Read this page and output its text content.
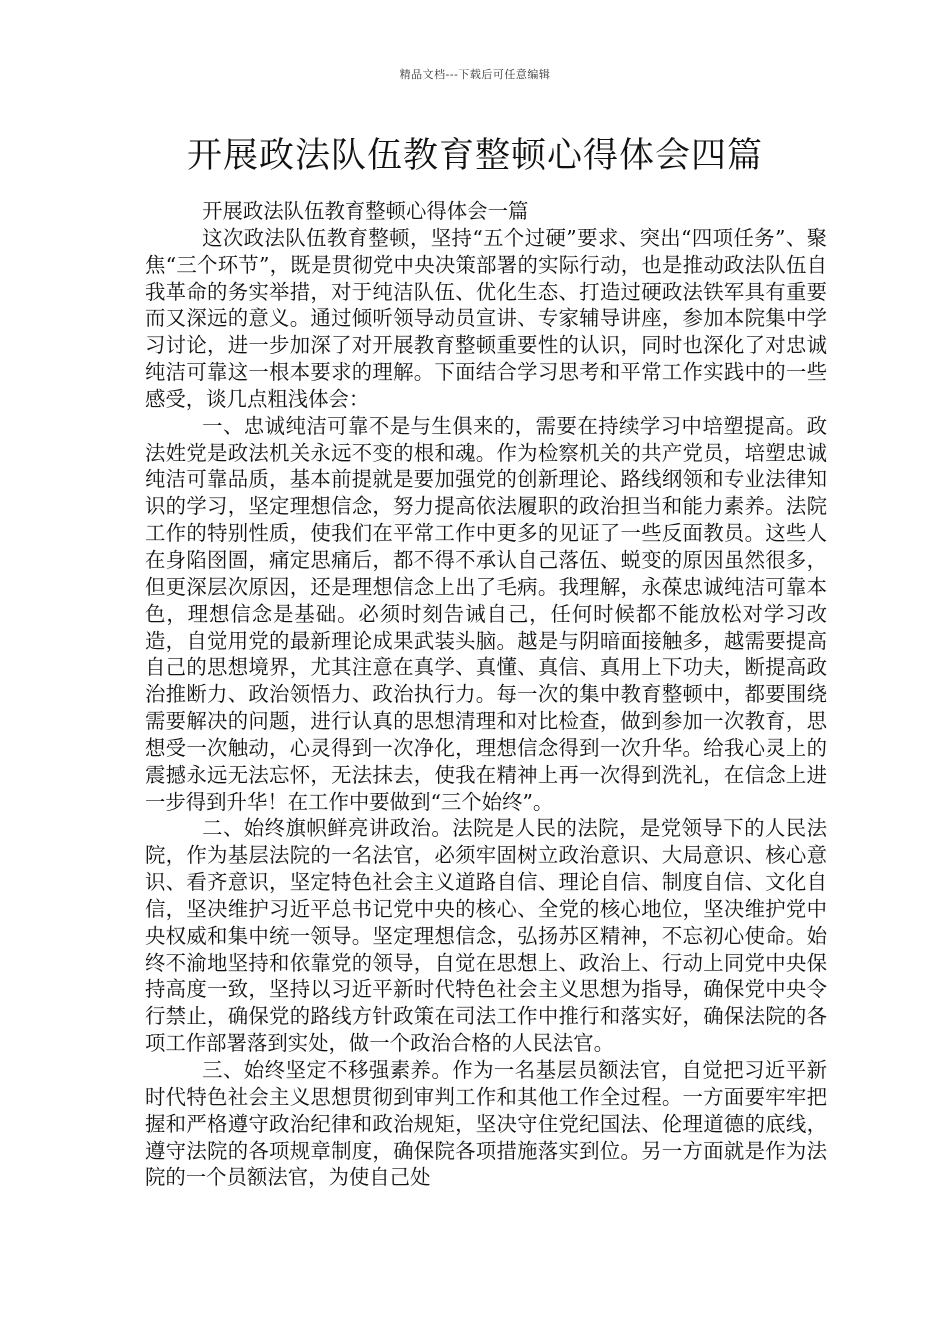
精品文档---下载后可任意编辑
开展政法队伍教育整顿心得体会四篇

开展政法队伍教育整顿心得体会一篇

这次政法队伍教育整顿，坚持“五个过硬”要求、突出“四项任务”、聚焦“三个环节”，既是贯彻党中央决策部署的实际行动，也是推动政法队伍自我革命的务实举措，对于纯洁队伍、优化生态、打造过硬政法铁军具有重要而又深远的意义。通过倾听领导动员宣讲、专家辅导讲座，参加本院集中学习讨论，进一步加深了对开展教育整顿重要性的认识，同时也深化了对忠诚纯洁可靠这一根本要求的理解。下面结合学习思考和平常工作实践中的一些感受，谈几点粗浅体会：

一、忠诚纯洁可靠不是与生俱来的，需要在持续学习中培塑提高。政法姓党是政法机关永远不变的根和魂。作为检察机关的共产党员，培塑忠诚纯洁可靠品质，基本前提就是要加强党的创新理论、路线纲领和专业法律知识的学习，坚定理想信念，努力提高依法履职的政治担当和能力素养。法院工作的特别性质，使我们在平常工作中更多的见证了一些反面教员。这些人在身陷囹圄，痛定思痛后，都不得不承认自己落伍、蜕变的原因虽然很多，但更深层次原因，还是理想信念上出了毛病。我理解，永葆忠诚纯洁可靠本色，理想信念是基础。必须时刻告诫自己，任何时候都不能放松对学习改造，自觉用党的最新理论成果武装头脑。越是与阴暗面接触多，越需要提高自己的思想境界，尤其注意在真学、真懂、真信、真用上下功夫，断提高政治推断力、政治领悟力、政治执行力。每一次的集中教育整顿中，都要围绕需要解决的问题，进行认真的思想清理和对比检查，做到参加一次教育，思想受一次触动，心灵得到一次净化，理想信念得到一次升华。给我心灵上的震撼永远无法忘怀，无法抹去，使我在精神上再一次得到洗礼，在信念上进一步得到升华！在工作中要做到“三个始终”。

二、始终旗帜鲜亮讲政治。法院是人民的法院，是党领导下的人民法院，作为基层法院的一名法官，必须牢固树立政治意识、大局意识、核心意识、看齐意识，坚定特色社会主义道路自信、理论自信、制度自信、文化自信，坚决维护习近平总书记党中央的核心、全党的核心地位，坚决维护党中央权威和集中统一领导。坚定理想信念，弘扬苏区精神，不忘初心使命。始终不渝地坚持和依靠党的领导，自觉在思想上、政治上、行动上同党中央保持高度一致，坚持以习近平新时代特色社会主义思想为指导，确保党中央令行禁止，确保党的路线方针政策在司法工作中推行和落实好，确保法院的各项工作部署落到实处，做一个政治合格的人民法官。

三、始终坚定不移强素养。作为一名基层员额法官，自觉把习近平新时代特色社会主义思想贯彻到审判工作和其他工作全过程。一方面要牢牢把握和严格遵守政治纪律和政治规矩，坚决守住党纪国法、伦理道德的底线，遵守法院的各项规章制度，确保院各项措施落实到位。另一方面就是作为法院的一个员额法官，为使自己处
